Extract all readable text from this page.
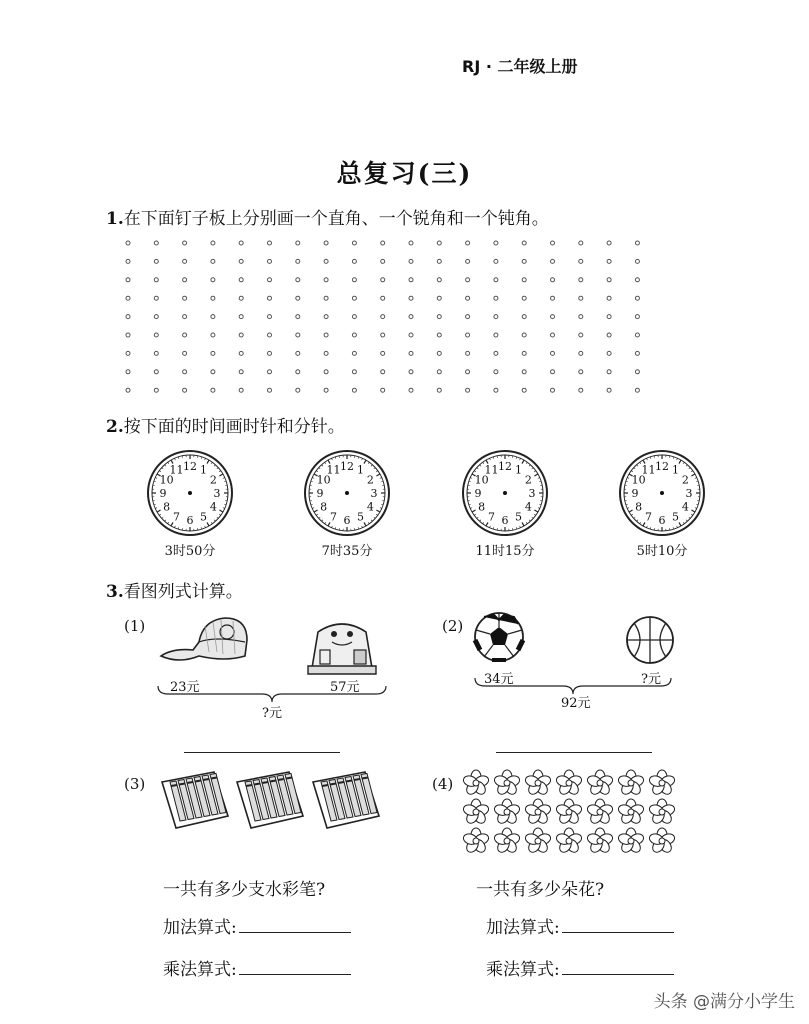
RJ · 二年级上册
总复习(三)
1.在下面钉子板上分别画一个直角、一个锐角和一个钝角。
2.按下面的时间画时针和分针。
12 1
2
3
4
5
6
7
8
9
10
11
3时50分
12 1
2
3
4
5
6
7
8
9
10
11
7时35分
12 1
2
3
4
5
6
7
8
9
10
11
11时15分
12 1
2
3
4
5
6
7
8
9
10
11
5时10分
3.看图列式计算。
(1)
23元	57元
?元
(2)
34元	?元
92元
(3)
一共有多少支水彩笔?
加法算式:
乘法算式:
(4)
一共有多少朵花?
加法算式:
乘法算式:
头条 @满分小学生
